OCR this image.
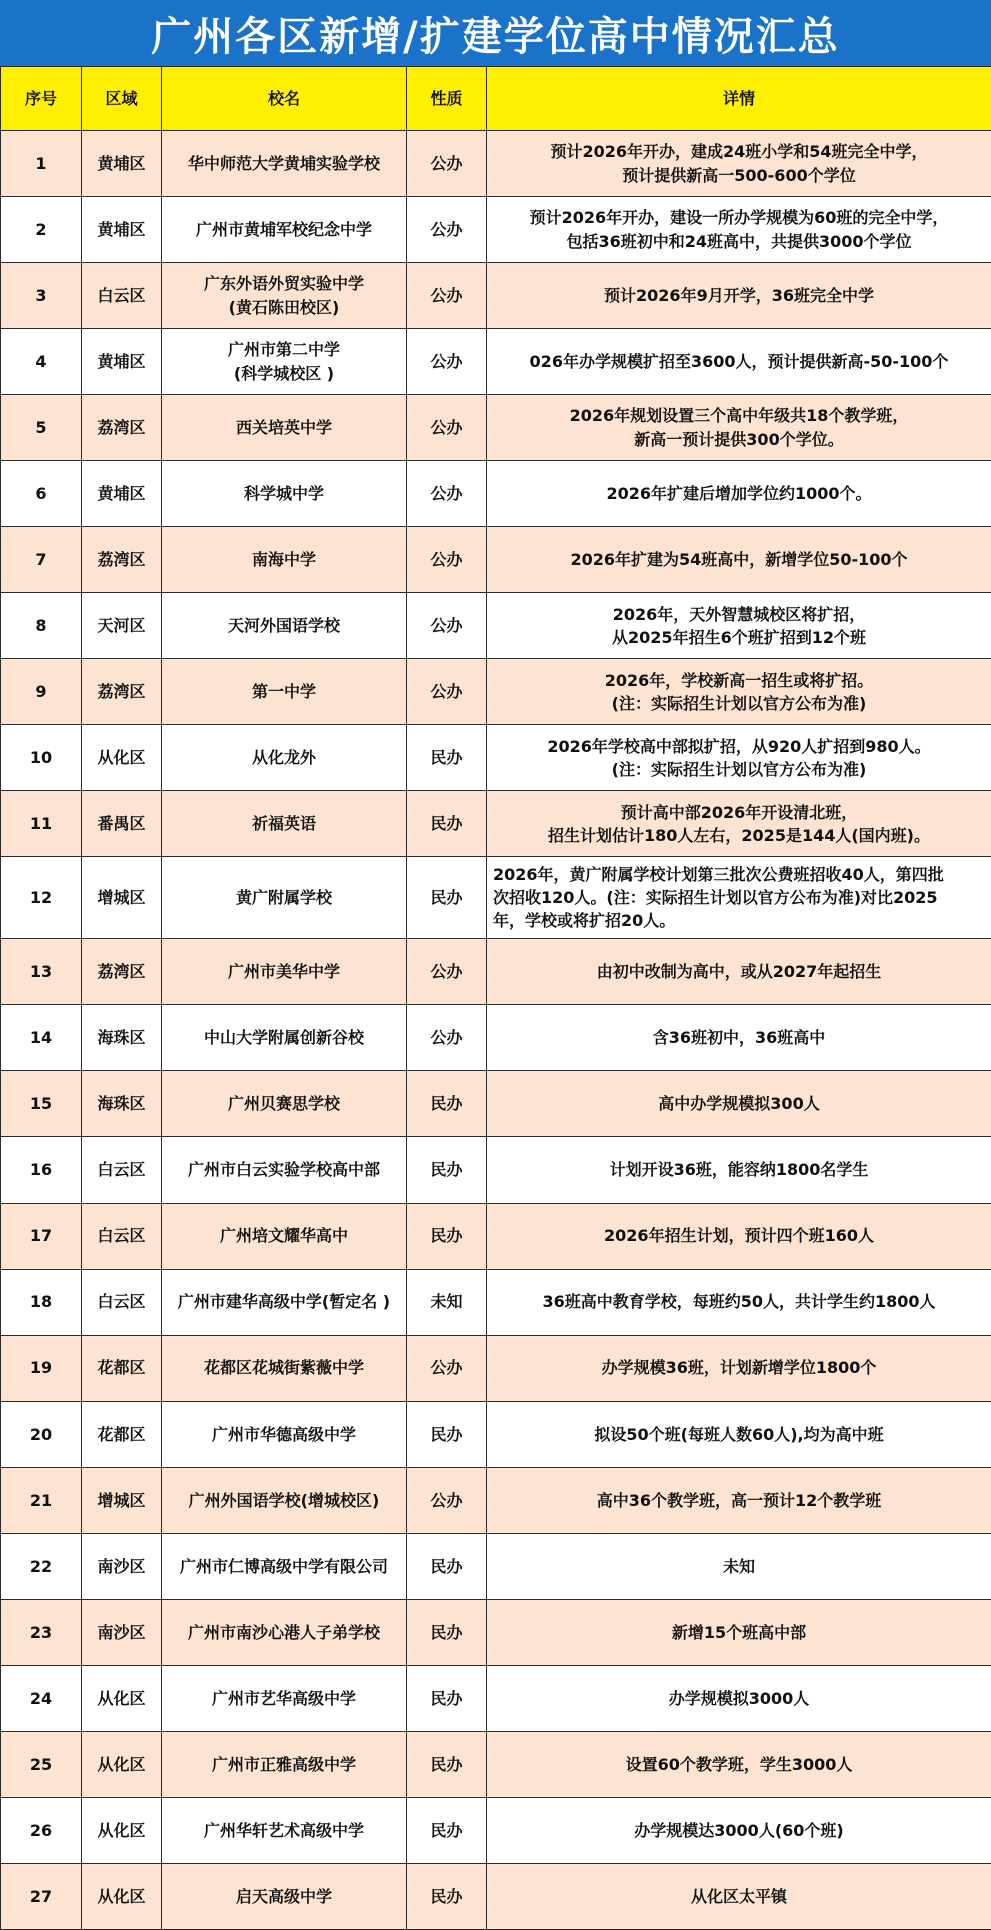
广州各区新增/扩建学位高中情况汇总
序号	区域	校名	性质	详情
1	黄埔区	华中师范大学黄埔实验学校	公办	预计2026年开办，建成24班小学和54班完全中学，
预计提供新高一500-600个学位

2	黄埔区	广州市黄埔军校纪念中学	公办	预计2026年开办，建设一所办学规模为60班的完全中学，
包括36班初中和24班高中，共提供3000个学位

3	白云区	广东外语外贸实验中学
(黄石陈田校区)	公办	预计2026年9月开学，36班完全中学

4	黄埔区	广州市第二中学
(科学城校区 )	公办	026年办学规模扩招至3600人，预计提供新高-50-100个

5	荔湾区	西关培英中学	公办	2026年规划设置三个高中年级共18个教学班，
新高一预计提供300个学位。

6	黄埔区	科学城中学	公办	2026年扩建后增加学位约1000个。

7	荔湾区	南海中学	公办	2026年扩建为54班高中，新增学位50-100个

8	天河区	天河外国语学校	公办	2026年，天外智慧城校区将扩招，
从2025年招生6个班扩招到12个班

9	荔湾区	第一中学	公办	2026年，学校新高一招生或将扩招。
(注：实际招生计划以官方公布为准)

10	从化区	从化龙外	民办	2026年学校高中部拟扩招，从920人扩招到980人。
(注：实际招生计划以官方公布为准)

11	番禺区	祈福英语	民办	预计高中部2026年开设清北班，
招生计划估计180人左右，2025是144人(国内班)。

12	增城区	黄广附属学校	民办	2026年，黄广附属学校计划第三批次公费班招收40人，第四批
次招收120人。(注：实际招生计划以官方公布为准)对比2025
年，学校或将扩招20人。

13	荔湾区	广州市美华中学	公办	由初中改制为高中，或从2027年起招生

14	海珠区	中山大学附属创新谷校	公办	含36班初中，36班高中

15	海珠区	广州贝赛思学校	民办	高中办学规模拟300人

16	白云区	广州市白云实验学校高中部	民办	计划开设36班，能容纳1800名学生

17	白云区	广州培文耀华高中	民办	2026年招生计划，预计四个班160人

18	白云区	广州市建华高级中学(暂定名 )	未知	36班高中教育学校，每班约50人，共计学生约1800人

19	花都区	花都区花城街紫薇中学	公办	办学规模36班，计划新增学位1800个

20	花都区	广州市华德高级中学	民办	拟设50个班(每班人数60人),均为高中班

21	增城区	广州外国语学校(增城校区)	公办	高中36个教学班，高一预计12个教学班

22	南沙区	广州市仁博高级中学有限公司	民办	未知

23	南沙区	广州市南沙心港人子弟学校	民办	新增15个班高中部

24	从化区	广州市艺华高级中学	民办	办学规模拟3000人

25	从化区	广州市正雅高级中学	民办	设置60个教学班，学生3000人

26	从化区	广州华轩艺术高级中学	民办	办学规模达3000人(60个班)

27	从化区	启天高级中学	民办	从化区太平镇
